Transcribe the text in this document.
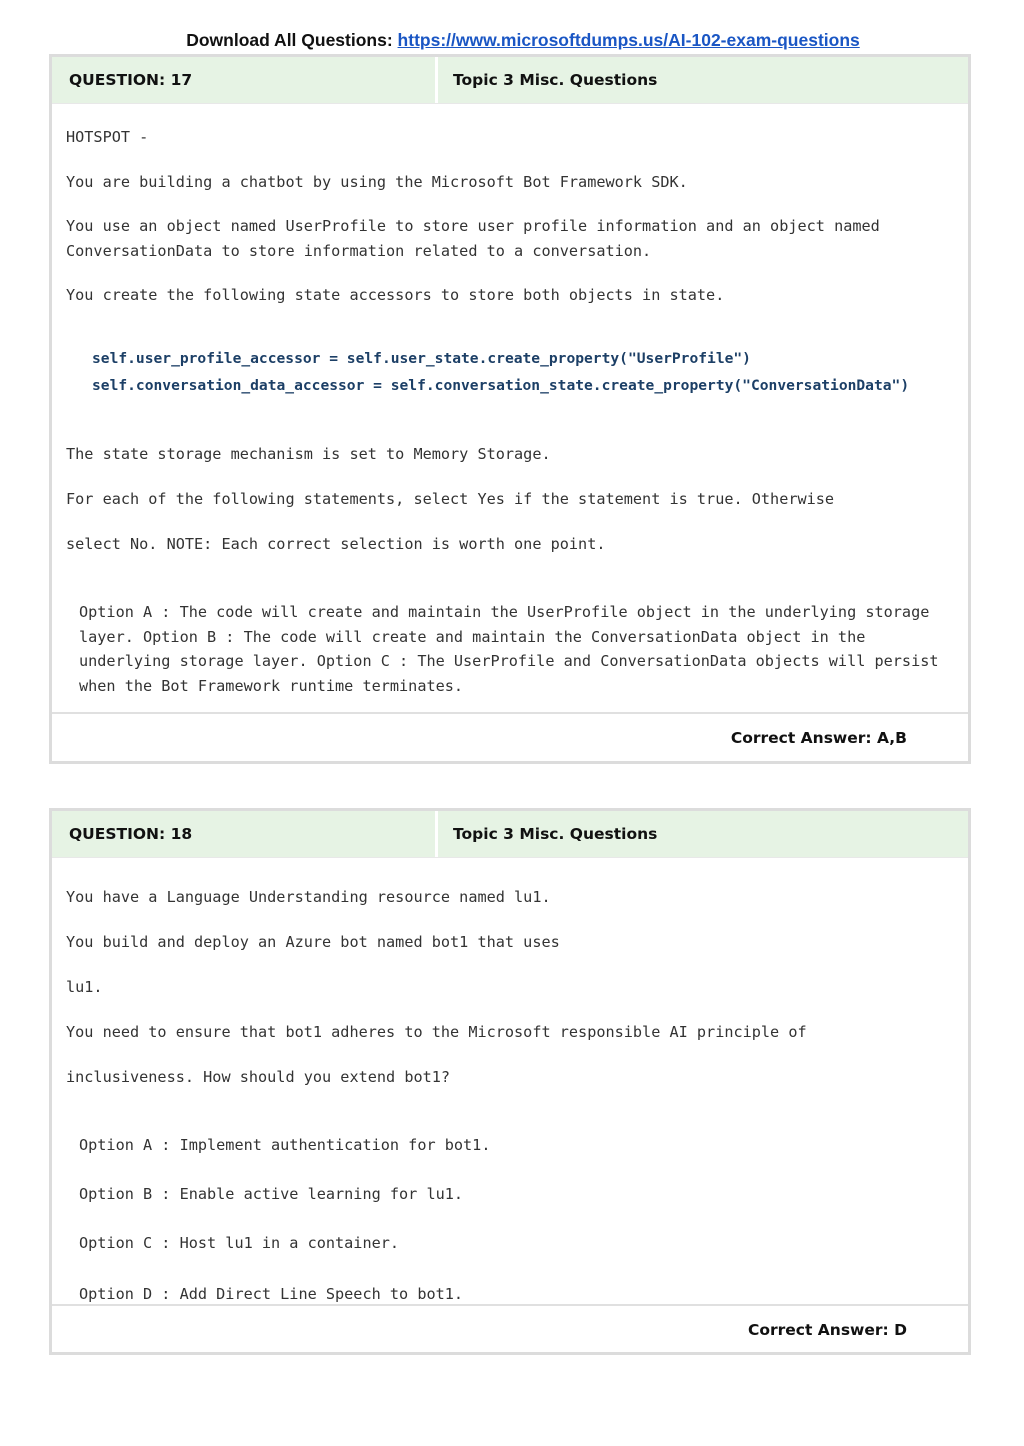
Download All Questions: https://www.microsoftdumps.us/AI-102-exam-questions
QUESTION: 17	Topic 3 Misc. Questions

HOTSPOT -

You are building a chatbot by using the Microsoft Bot Framework SDK.

You use an object named UserProfile to store user profile information and an object named

ConversationData to store information related to a conversation.

You create the following state accessors to store both objects in state.

self.user_profile_accessor = self.user_state.create_property("UserProfile")
self.conversation_data_accessor = self.conversation_state.create_property("ConversationData")

The state storage mechanism is set to Memory Storage.

For each of the following statements, select Yes if the statement is true. Otherwise

select No. NOTE: Each correct selection is worth one point.

Option A : The code will create and maintain the UserProfile object in the underlying storage

layer. Option B : The code will create and maintain the ConversationData object in the

underlying storage layer. Option C : The UserProfile and ConversationData objects will persist

when the Bot Framework runtime terminates.

Correct Answer: A,B
QUESTION: 18	Topic 3 Misc. Questions

You have a Language Understanding resource named lu1.

You build and deploy an Azure bot named bot1 that uses

lu1.

You need to ensure that bot1 adheres to the Microsoft responsible AI principle of

inclusiveness. How should you extend bot1?

Option A : Implement authentication for bot1.

Option B : Enable active learning for lu1.

Option C : Host lu1 in a container.

Option D : Add Direct Line Speech to bot1.

Correct Answer: D
